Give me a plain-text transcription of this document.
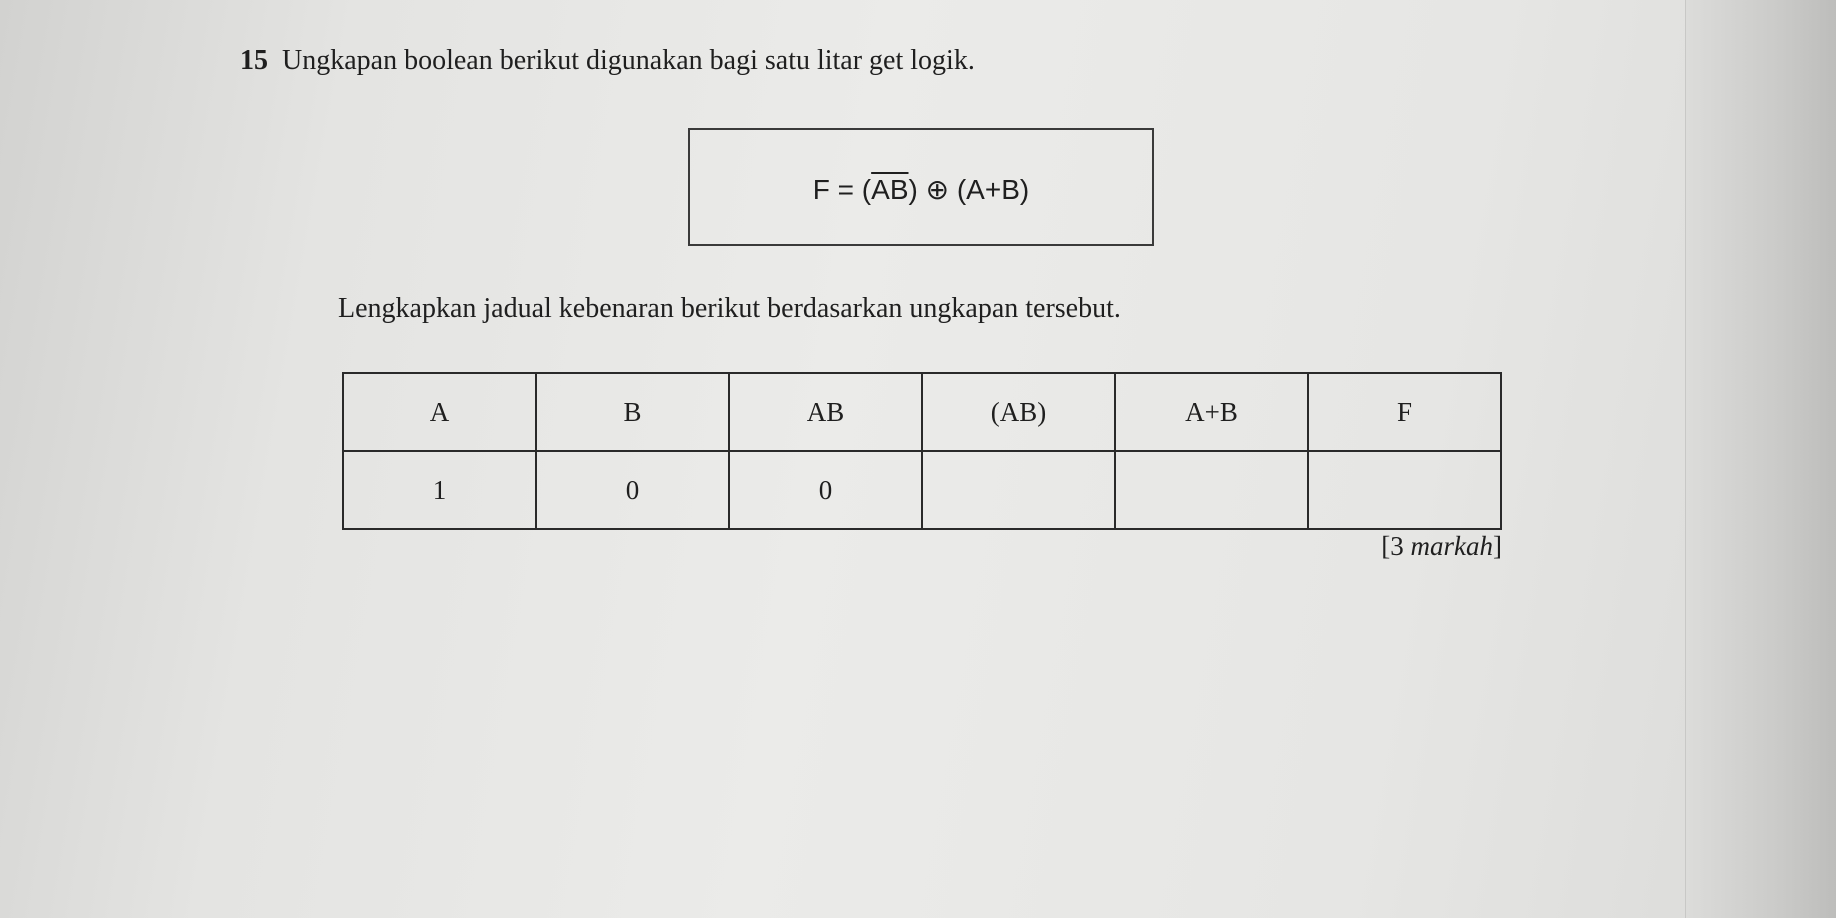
15 Ungkapan boolean berikut digunakan bagi satu litar get logik.
$F = (\overline{AB})$ ⊕ (A+B)
Lengkapkan jadual kebenaran berikut berdasarkan ungkapan tersebut.
A	B	AB	(AB)	A+B	F
1	0	0			
[3 markah]
